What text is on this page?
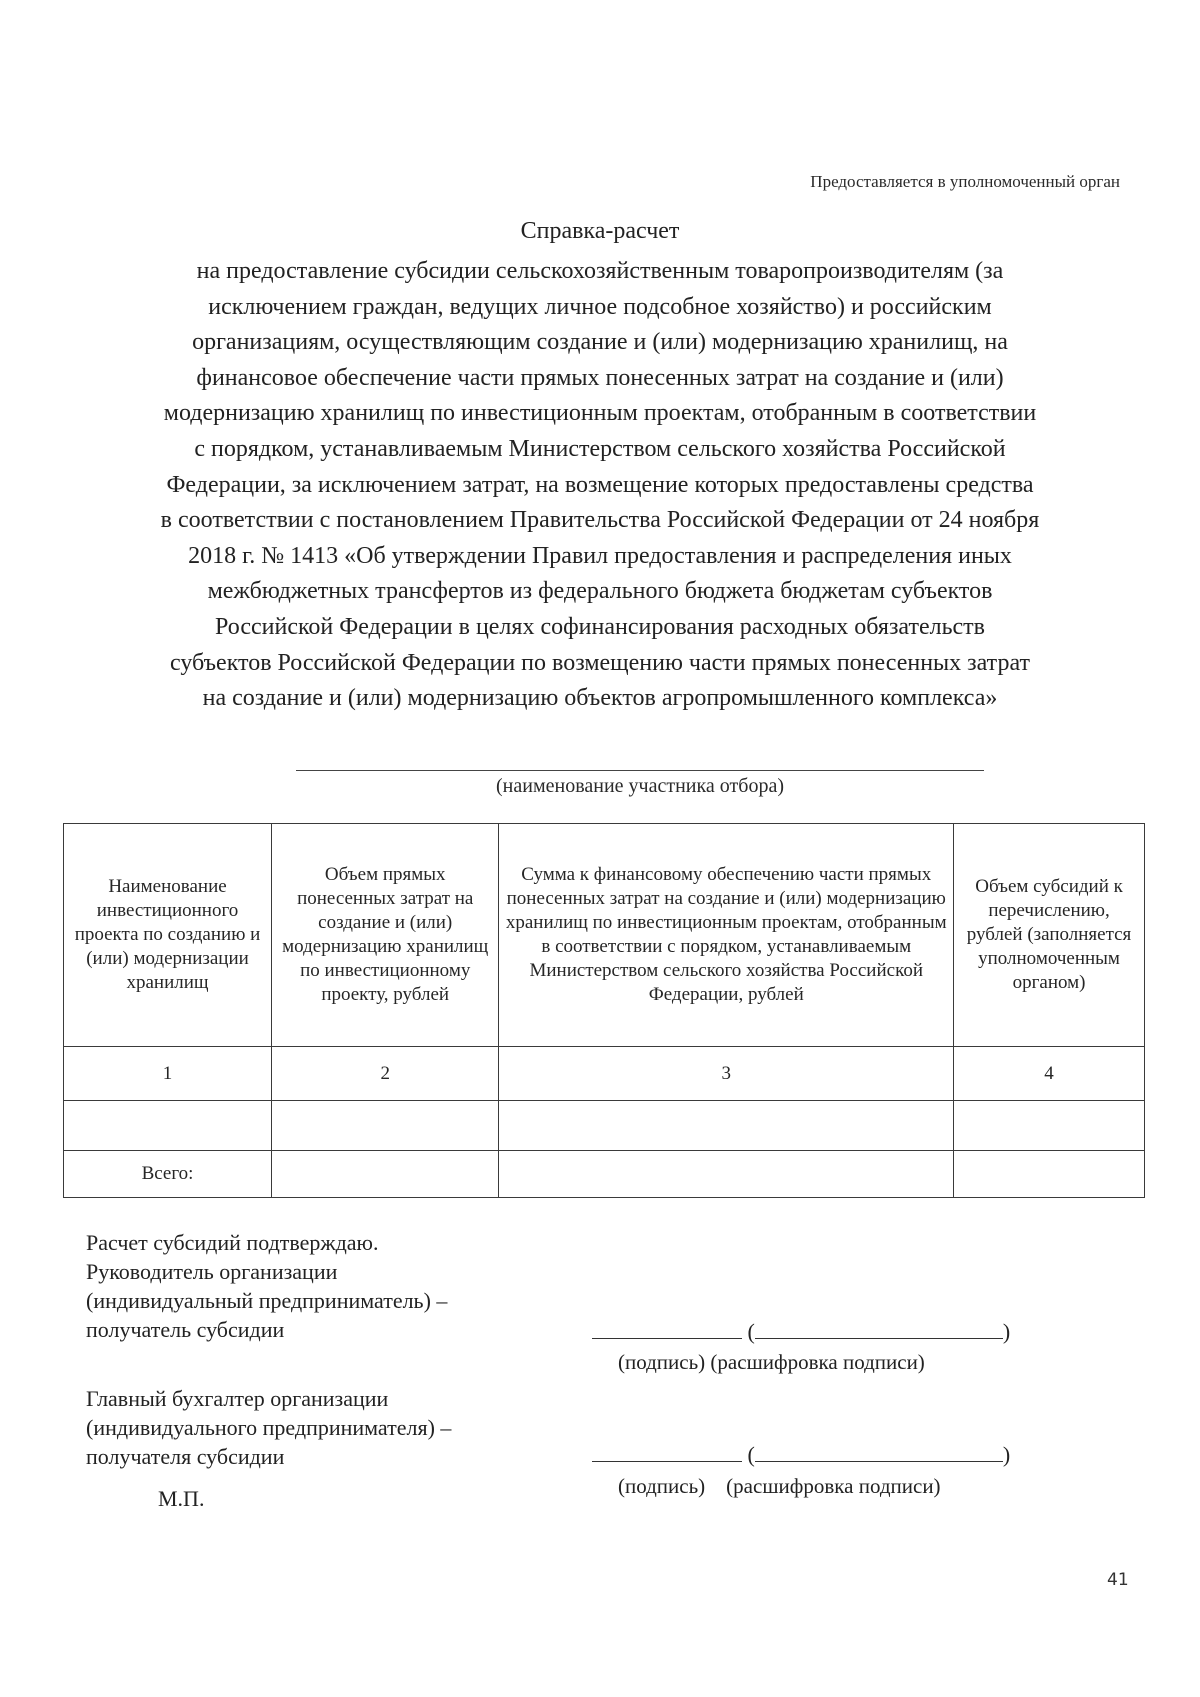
Предоставляется в уполномоченный орган
Справка-расчет
на предоставление субсидии сельскохозяйственным товаропроизводителям (за
исключением граждан, ведущих личное подсобное хозяйство) и российским
организациям, осуществляющим создание и (или) модернизацию хранилищ, на
финансовое обеспечение части прямых понесенных затрат на создание и (или)
модернизацию хранилищ по инвестиционным проектам, отобранным в соответствии
с порядком, устанавливаемым Министерством сельского хозяйства Российской
Федерации, за исключением затрат, на возмещение которых предоставлены средства
в соответствии с постановлением Правительства Российской Федерации от 24 ноября
2018 г. № 1413 «Об утверждении Правил предоставления и распределения иных
межбюджетных трансфертов из федерального бюджета бюджетам субъектов
Российской Федерации в целях софинансирования расходных обязательств
субъектов Российской Федерации по возмещению части прямых понесенных затрат
на создание и (или) модернизацию объектов агропромышленного комплекса»
(наименование участника отбора)
Наименование инвестиционного проекта по созданию и (или) модернизации хранилищ	Объем прямых понесенных затрат на создание и (или) модернизацию хранилищ по инвестиционному проекту, рублей	Сумма к финансовому обеспечению части прямых понесенных затрат на создание и (или) модернизацию хранилищ по инвестиционным проектам, отобранным в соответствии с порядком, устанавливаемым Министерством сельского хозяйства Российской Федерации, рублей	Объем субсидий к перечислению, рублей (заполняется уполномоченным органом)
1	2	3	4

Всего:			
Расчет субсидий подтверждаю.
Руководитель организации
(индивидуальный предприниматель) –
получатель субсидии	(	)
(подпись) (расшифровка подписи)
Главный бухгалтер организации
(индивидуального предпринимателя) –
получателя субсидии
М.П.
(	)
(подпись)    (расшифровка подписи)
41
